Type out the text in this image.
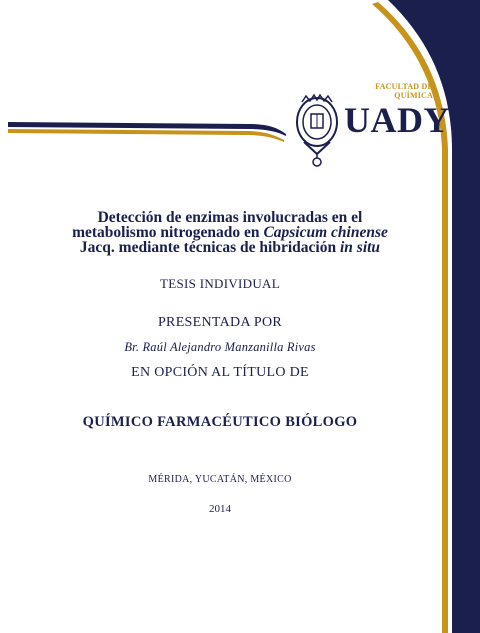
FACULTAD DE
QUÍMICA
UADY
Detección de enzimas involucradas en el metabolismo nitrogenado en Capsicum chinense Jacq. mediante técnicas de hibridación in situ
TESIS INDIVIDUAL
PRESENTADA POR
Br. Raúl Alejandro Manzanilla Rivas
EN OPCIÓN AL TÍTULO DE
QUÍMICO FARMACÉUTICO BIÓLOGO
MÉRIDA, YUCATÁN, MÉXICO
2014
